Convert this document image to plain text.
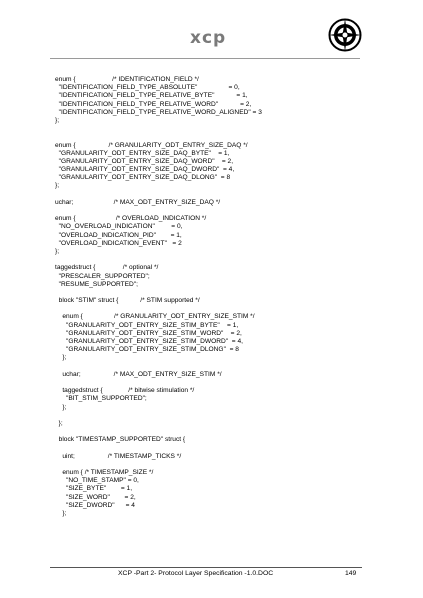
xcp
enum {                    /* IDENTIFICATION_FIELD */
"IDENTIFICATION_FIELD_TYPE_ABSOLUTE"                 = 0,
"IDENTIFICATION_FIELD_TYPE_RELATIVE_BYTE"            = 1,
"IDENTIFICATION_FIELD_TYPE_RELATIVE_WORD"            = 2,
"IDENTIFICATION_FIELD_TYPE_RELATIVE_WORD_ALIGNED" = 3
};
enum {                  /* GRANULARITY_ODT_ENTRY_SIZE_DAQ */
"GRANULARITY_ODT_ENTRY_SIZE_DAQ_BYTE"    = 1,
"GRANULARITY_ODT_ENTRY_SIZE_DAQ_WORD"    = 2,
"GRANULARITY_ODT_ENTRY_SIZE_DAQ_DWORD"  = 4,
"GRANULARITY_ODT_ENTRY_SIZE_DAQ_DLONG"  = 8
};
uchar;                      /* MAX_ODT_ENTRY_SIZE_DAQ */
enum {                      /* OVERLOAD_INDICATION */
"NO_OVERLOAD_INDICATION"         = 0,
"OVERLOAD_INDICATION_PID"        = 1,
"OVERLOAD_INDICATION_EVENT"   = 2
};
taggedstruct {               /* optional */
"PRESCALER_SUPPORTED";
"RESUME_SUPPORTED";
block "STIM" struct {            /* STIM supported */
enum {                 /* GRANULARITY_ODT_ENTRY_SIZE_STIM */
"GRANULARITY_ODT_ENTRY_SIZE_STIM_BYTE"    = 1,
"GRANULARITY_ODT_ENTRY_SIZE_STIM_WORD"    = 2,
"GRANULARITY_ODT_ENTRY_SIZE_STIM_DWORD"  = 4,
"GRANULARITY_ODT_ENTRY_SIZE_STIM_DLONG"  = 8
};
uchar;                  /* MAX_ODT_ENTRY_SIZE_STIM */
taggedstruct {              /* bitwise stimulation */
"BIT_STIM_SUPPORTED";
};
};
block "TIMESTAMP_SUPPORTED" struct {
uint;                  /* TIMESTAMP_TICKS */
enum { /* TIMESTAMP_SIZE */
"NO_TIME_STAMP" = 0,
"SIZE_BYTE"        = 1,
"SIZE_WORD"        = 2,
"SIZE_DWORD"      = 4
};
XCP -Part 2- Protocol Layer Specification -1.0.DOC	149
